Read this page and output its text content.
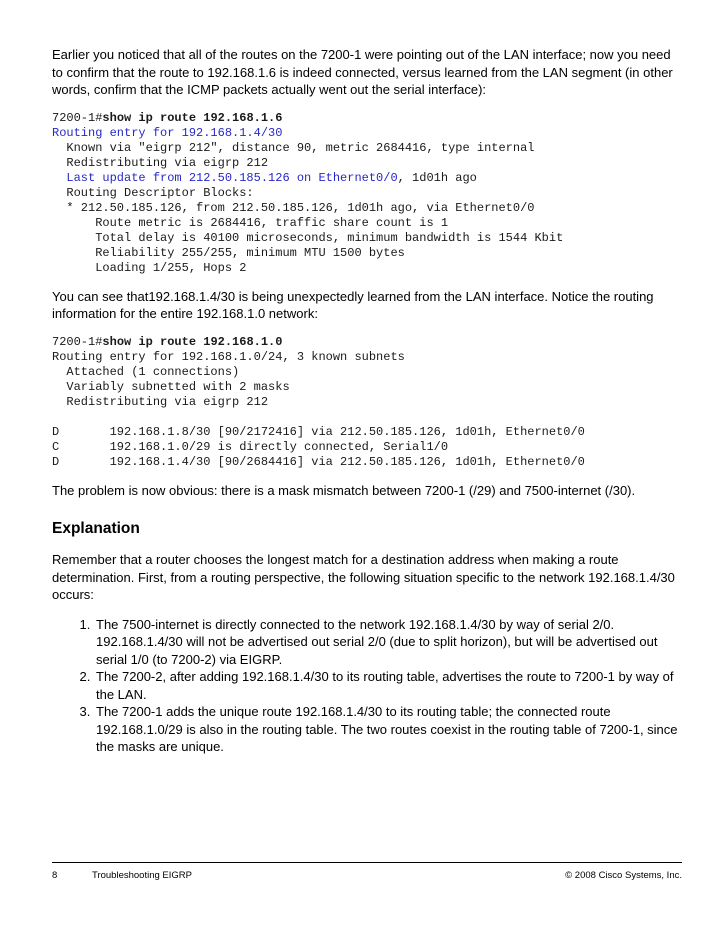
Earlier you noticed that all of the routes on the 7200-1 were pointing out of the LAN interface; now you need to confirm that the route to 192.168.1.6 is indeed connected, versus learned from the LAN segment (in other words, confirm that the ICMP packets actually went out the serial interface):

7200-1#show ip route 192.168.1.6
Routing entry for 192.168.1.4/30
Known via "eigrp 212", distance 90, metric 2684416, type internal
Redistributing via eigrp 212
Last update from 212.50.185.126 on Ethernet0/0, 1d01h ago
Routing Descriptor Blocks:
* 212.50.185.126, from 212.50.185.126, 1d01h ago, via Ethernet0/0
Route metric is 2684416, traffic share count is 1
Total delay is 40100 microseconds, minimum bandwidth is 1544 Kbit
Reliability 255/255, minimum MTU 1500 bytes
Loading 1/255, Hops 2

You can see that192.168.1.4/30 is being unexpectedly learned from the LAN interface. Notice the routing information for the entire 192.168.1.0 network:

7200-1#show ip route 192.168.1.0
Routing entry for 192.168.1.0/24, 3 known subnets
Attached (1 connections)
Variably subnetted with 2 masks
Redistributing via eigrp 212
D       192.168.1.8/30 [90/2172416] via 212.50.185.126, 1d01h, Ethernet0/0
C       192.168.1.0/29 is directly connected, Serial1/0
D       192.168.1.4/30 [90/2684416] via 212.50.185.126, 1d01h, Ethernet0/0

The problem is now obvious: there is a mask mismatch between 7200-1 (/29) and 7500-internet (/30).

Explanation

Remember that a router chooses the longest match for a destination address when making a route determination. First, from a routing perspective, the following situation specific to the network 192.168.1.4/30 occurs:

1. The 7500-internet is directly connected to the network 192.168.1.4/30 by way of serial 2/0. 192.168.1.4/30 will not be advertised out serial 2/0 (due to split horizon), but will be advertised out serial 1/0 (to 7200-2) via EIGRP.
2. The 7200-2, after adding 192.168.1.4/30 to its routing table, advertises the route to 7200-1 by way of the LAN.
3. The 7200-1 adds the unique route 192.168.1.4/30 to its routing table; the connected route 192.168.1.0/29 is also in the routing table. The two routes coexist in the routing table of 7200-1, since the masks are unique.
8	Troubleshooting EIGRP	© 2008 Cisco Systems, Inc.
